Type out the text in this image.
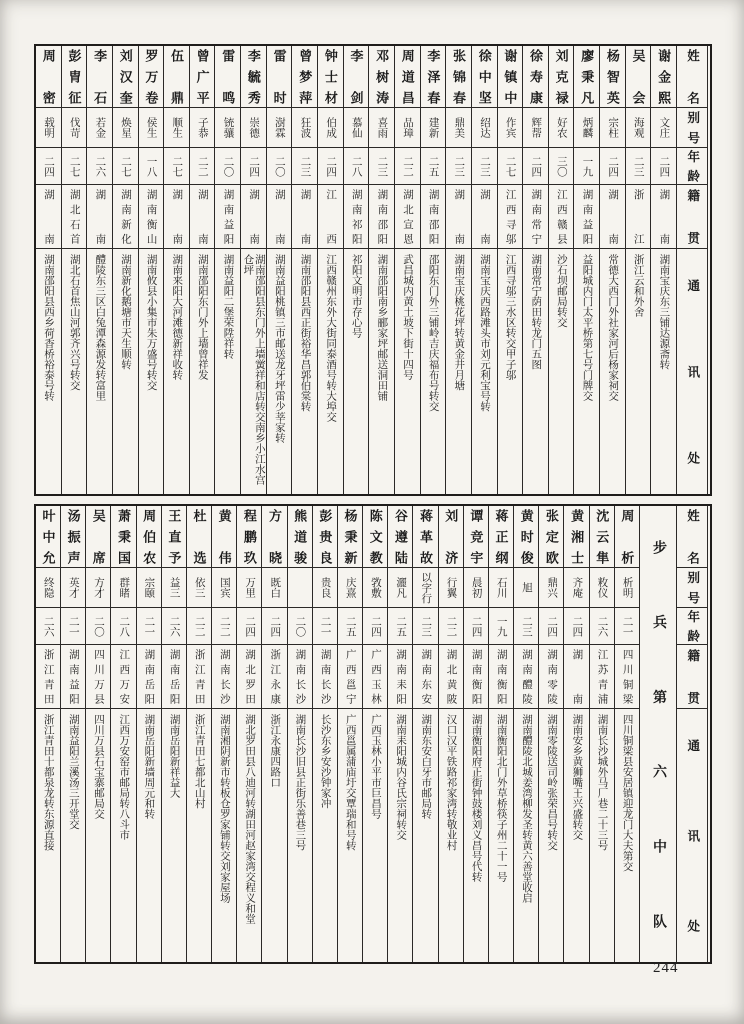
姓名
别号
年龄
籍贯
通讯处
谢金熙
文庄
二四
湖南
湖南宝庆东三铺达源斋转
吴会
海观
二三
浙江
浙江云和外舍
杨智英
宗柱
二四
湖南
常德大西门外社家河后杨家祠交
廖秉凡
炳麟
一九
湖南益阳
益阳城内门太平桥第七号门牌交
刘克禄
好农
三〇
江西赣县
沙石坝邮局转交
徐寿康
辉帮
二四
湖南常宁
湖南常宁荫田转龙门五图
谢镇中
作宾
二七
江西寻邬
江西寻邬三水区转交甲子邬
徐中坚
绍达
二三
湖南
湖南宝庆西路滩头市刘元利宝号转
张锦春
鼎美
二三
湖南
湖南宝庆桃花坪转黄金井月塘
李泽春
建新
二五
湖南邵阳
邵阳东门外三铺岭吉庆福布号转交
周道昌
品璋
二二
湖北宣恩
武昌城内黄土坡下街十四号
邓树涛
喜雨
二三
湖南邵阳
湖南邵阳南乡郦家坪邮送洞田铺
李剑
慕仙
二八
湖南祁阳
祁阳文明市存心号
钟士材
伯成
二四
江西
江西赣州东外大街同泰酒号转大埠交
曾梦萍
狂波
二三
湖南
湖南邵阳县西正街裕华昌郭伯棠转
雷时
澍霖
二〇
湖南
湖南益阳桃镇三市邮送龙牙坪雷少莘家转
李毓秀
崇德
二四
湖南
湖南邵阳县东门外上墙黉祥和店转交南乡小江水宫仓坪
雷鸣
铳骧
二〇
湖南益阳
湖南益阳二堡荣陞祥转
曾广平
子恭
二二
湖南
湖南邵阳东门外上墙曾祥发
伍鼎
顺生
二七
湖南
湖南来阳大河滩德新祥收转
罗万卷
侯生
一八
湖南衡山
湖南攸县小集市朱万盛号转交
刘汉奎
焕星
二七
湖南新化
湖南新化鹅塘市天生顺转
李石
若金
二六
湖南
醴陵东三区白兔潭森源发转富里
彭胄征
伐苛
二七
湖北石首
湖北石首焦山河郭齐兴号转交
周密
载明
二四
湖南
湖南邵阳县西乡荷香桥裕泰号转
姓名
别号
年龄
籍贯
通讯处
步兵第六中队
周析
析明
二一
四川铜梁
四川铜梁县安居镇迎龙门大夫第交
沈云隼
敉仪
二六
江苏青浦
湖南长沙城外马厂巷二十三号
黄湘士
齐庵
二四
湖南
湖南安乡黄狮嘴王兴盛转交
张定欧
鼎兴
二四
湖南零陵
湖南零陵送司岭张荣昌号转交
黄时俊
旭
二三
湖南醴陵
湖南醴陵北城姜湾柳发圣转黄六善堂收启
蒋正纲
石川
一九
湖南衡阳
湖南衡阳北门外草桥筷子州二十一号
谭竞宇
晨初
二四
湖南衡阳
湖南衡阳府正街钟鼓楼刘义昌号代转
刘济
行翼
二二
湖北黄陂
汉口汉平铁路祁家湾转敬业村
蒋革故
以字行
二三
湖南东安
湖南东安白牙市邮局转
谷遵陆
灑凡
二五
湖南耒阳
湖南耒阳城内谷氏宗祠转交
陈文教
敩敷
二四
广西玉林
广西玉林小平市巨昌号
杨秉新
庆熹
二五
广西邕宁
广西邕属蒲庙圩交覃瑞和号转
彭贵良
贵良
二一
湖南长沙
长沙东乡安沙钟家冲
熊道骏
二〇
湖南长沙
湖南长沙旧县正街乐善巷三号
方晓
既白
二四
浙江永康
浙江永康四路口
程鹏玖
万里
二四
湖北罗田
湖北罗田县八迪河转湖田河赵家湾交程义和堂
黄伟
国宾
二二
湖南长沙
湖南湘阴新市转板仓罗家铺转交刘家屋场
杜选
依三
二二
浙江青田
浙江青田七都北山村
王直予
益三
二六
湖南岳阳
湖南岳阳新祥益大
周伯农
宗颐
二一
湖南岳阳
湖南岳阳新墙周元和转
萧秉国
群睹
二八
江西万安
江西万安窑市邮局转八斗市
吴席
方才
二〇
四川万县
四川万县石宝寨邮局交
汤振声
英才
二一
湖南益阳
湖南益阳兰溪汤三开堂交
叶中允
终隐
二六
浙江青田
浙江青田十都泉龙转东源直接
244
